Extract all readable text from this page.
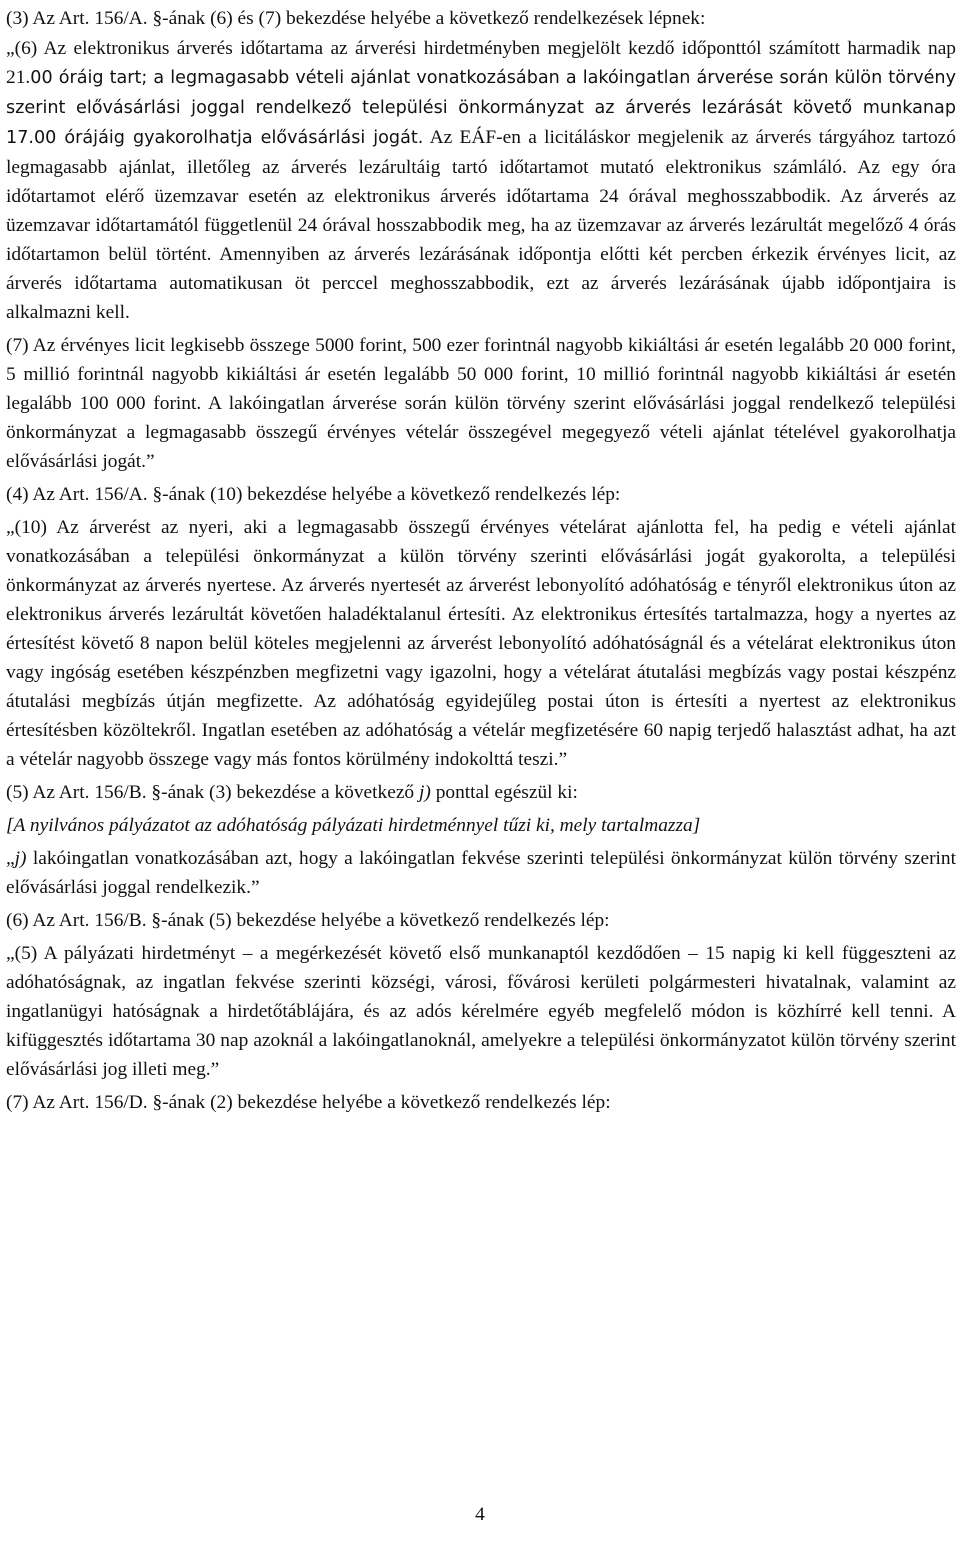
(3) Az Art. 156/A. §-ának (6) és (7) bekezdése helyébe a következő rendelkezések lépnek:

„(6) Az elektronikus árverés időtartama az árverési hirdetményben megjelölt kezdő időponttól számított harmadik nap 21.00 óráig tart; a legmagasabb vételi ajánlat vonatkozásában a lakóingatlan árverése során külön törvény szerint elővásárlási joggal rendelkező települési önkormányzat az árverés lezárását követő munkanap 17.00 órájáig gyakorolhatja elővásárlási jogát. Az EÁF-en a licitáláskor megjelenik az árverés tárgyához tartozó legmagasabb ajánlat, illetőleg az árverés lezárultáig tartó időtartamot mutató elektronikus számláló. Az egy óra időtartamot elérő üzemzavar esetén az elektronikus árverés időtartama 24 órával meghosszabbodik. Az árverés az üzemzavar időtartamától függetlenül 24 órával hosszabbodik meg, ha az üzemzavar az árverés lezárultát megelőző 4 órás időtartamon belül történt. Amennyiben az árverés lezárásának időpontja előtti két percben érkezik érvényes licit, az árverés időtartama automatikusan öt perccel meghosszabbodik, ezt az árverés lezárásának újabb időpontjaira is alkalmazni kell.

(7) Az érvényes licit legkisebb összege 5000 forint, 500 ezer forintnál nagyobb kikiáltási ár esetén legalább 20 000 forint, 5 millió forintnál nagyobb kikiáltási ár esetén legalább 50 000 forint, 10 millió forintnál nagyobb kikiáltási ár esetén legalább 100 000 forint. A lakóingatlan árverése során külön törvény szerint elővásárlási joggal rendelkező települési önkormányzat a legmagasabb összegű érvényes vételár összegével megegyező vételi ajánlat tételével gyakorolhatja elővásárlási jogát.”

(4) Az Art. 156/A. §-ának (10) bekezdése helyébe a következő rendelkezés lép:

„(10) Az árverést az nyeri, aki a legmagasabb összegű érvényes vételárat ajánlotta fel, ha pedig e vételi ajánlat vonatkozásában a települési önkormányzat a külön törvény szerinti elővásárlási jogát gyakorolta, a települési önkormányzat az árverés nyertese. Az árverés nyertesét az árverést lebonyolító adóhatóság e tényről elektronikus úton az elektronikus árverés lezárultát követően haladéktalanul értesíti. Az elektronikus értesítés tartalmazza, hogy a nyertes az értesítést követő 8 napon belül köteles megjelenni az árverést lebonyolító adóhatóságnál és a vételárat elektronikus úton vagy ingóság esetében készpénzben megfizetni vagy igazolni, hogy a vételárat átutalási megbízás vagy postai készpénz átutalási megbízás útján megfizette. Az adóhatóság egyidejűleg postai úton is értesíti a nyertest az elektronikus értesítésben közöltekről. Ingatlan esetében az adóhatóság a vételár megfizetésére 60 napig terjedő halasztást adhat, ha azt a vételár nagyobb összege vagy más fontos körülmény indokolttá teszi.”

(5) Az Art. 156/B. §-ának (3) bekezdése a következő j) ponttal egészül ki:

[A nyilvános pályázatot az adóhatóság pályázati hirdetménnyel tűzi ki, mely tartalmazza]

„j) lakóingatlan vonatkozásában azt, hogy a lakóingatlan fekvése szerinti települési önkormányzat külön törvény szerint elővásárlási joggal rendelkezik.”

(6) Az Art. 156/B. §-ának (5) bekezdése helyébe a következő rendelkezés lép:

„(5) A pályázati hirdetményt – a megérkezését követő első munkanaptól kezdődően – 15 napig ki kell függeszteni az adóhatóságnak, az ingatlan fekvése szerinti községi, városi, fővárosi kerületi polgármesteri hivatalnak, valamint az ingatlanügyi hatóságnak a hirdetőtáblájára, és az adós kérelmére egyéb megfelelő módon is közhírré kell tenni. A kifüggesztés időtartama 30 nap azoknál a lakóingatlanoknál, amelyekre a települési önkormányzatot külön törvény szerint elővásárlási jog illeti meg.”

(7) Az Art. 156/D. §-ának (2) bekezdése helyébe a következő rendelkezés lép:

4
